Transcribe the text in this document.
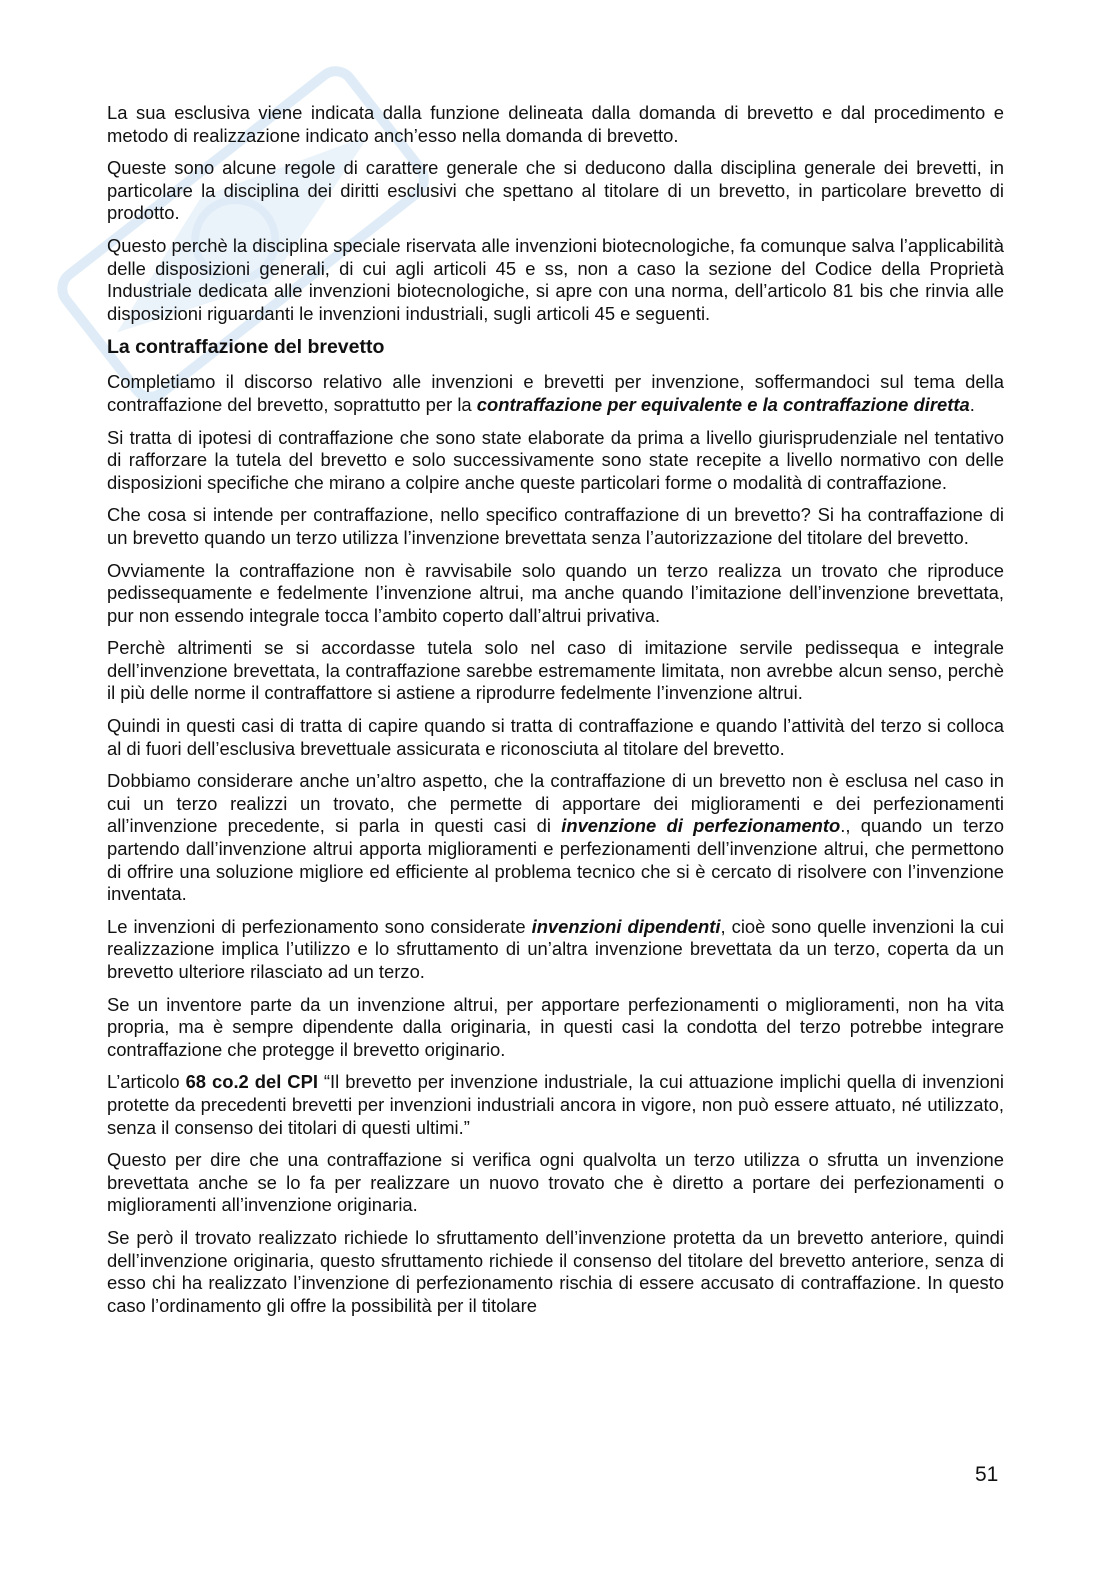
La sua esclusiva viene indicata dalla funzione delineata dalla domanda di brevetto e dal procedimento e metodo di realizzazione indicato anch’esso nella domanda di brevetto.

Queste sono alcune regole di carattere generale che si deducono dalla disciplina generale dei brevetti, in particolare la disciplina dei diritti esclusivi che spettano al titolare di un brevetto, in particolare brevetto di prodotto.

Questo perchè la disciplina speciale riservata alle invenzioni biotecnologiche, fa comunque salva l’applicabilità delle disposizioni generali, di cui agli articoli 45 e ss, non a caso la sezione del Codice della Proprietà Industriale dedicata alle invenzioni biotecnologiche, si apre con una norma, dell’articolo 81 bis che rinvia alle disposizioni riguardanti le invenzioni industriali, sugli articoli 45 e seguenti.

La contraffazione del brevetto

Completiamo il discorso relativo alle invenzioni e brevetti per invenzione, soffermandoci sul tema della contraffazione del brevetto, soprattutto per la contraffazione per equivalente e la contraffazione diretta.

Si tratta di ipotesi di contraffazione che sono state elaborate da prima a livello giurisprudenziale nel tentativo di rafforzare la tutela del brevetto e solo successivamente sono state recepite a livello normativo con delle disposizioni specifiche che mirano a colpire anche queste particolari forme o modalità di contraffazione.

Che cosa si intende per contraffazione, nello specifico contraffazione di un brevetto? Si ha contraffazione di un brevetto quando un terzo utilizza l’invenzione brevettata senza l’autorizzazione del titolare del brevetto.

Ovviamente la contraffazione non è ravvisabile solo quando un terzo realizza un trovato che riproduce pedissequamente e fedelmente l’invenzione altrui, ma anche quando l’imitazione dell’invenzione brevettata, pur non essendo integrale tocca l’ambito coperto dall’altrui privativa.

Perchè altrimenti se si accordasse tutela solo nel caso di imitazione servile pedissequa e integrale dell’invenzione brevettata, la contraffazione sarebbe estremamente limitata, non avrebbe alcun senso, perchè il più delle norme il contraffattore si astiene a riprodurre fedelmente l’invenzione altrui.

Quindi in questi casi di tratta di capire quando si tratta di contraffazione e quando l’attività del terzo si colloca al di fuori dell’esclusiva brevettuale assicurata e riconosciuta al titolare del brevetto.

Dobbiamo considerare anche un’altro aspetto, che la contraffazione di un brevetto non è esclusa nel caso in cui un terzo realizzi un trovato, che permette di apportare dei miglioramenti e dei perfezionamenti all’invenzione precedente, si parla in questi casi di invenzione di perfezionamento., quando un terzo partendo dall’invenzione altrui apporta miglioramenti e perfezionamenti dell’invenzione altrui, che permettono di offrire una soluzione migliore ed efficiente al problema tecnico che si è cercato di risolvere con l’invenzione inventata.

Le invenzioni di perfezionamento sono considerate invenzioni dipendenti, cioè sono quelle invenzioni la cui realizzazione implica l’utilizzo e lo sfruttamento di un’altra invenzione brevettata da un terzo, coperta da un brevetto ulteriore rilasciato ad un terzo.

Se un inventore parte da un invenzione altrui, per apportare perfezionamenti o miglioramenti, non ha vita propria, ma è sempre dipendente dalla originaria, in questi casi la condotta del terzo potrebbe integrare contraffazione che protegge il brevetto originario.

L’articolo 68 co.2 del CPI “Il brevetto per invenzione industriale, la cui attuazione implichi quella di invenzioni protette da precedenti brevetti per invenzioni industriali ancora in vigore, non può essere attuato, né utilizzato, senza il consenso dei titolari di questi ultimi.”

Questo per dire che una contraffazione si verifica ogni qualvolta un terzo utilizza o sfrutta un invenzione brevettata anche se lo fa per realizzare un nuovo trovato che è diretto a portare dei perfezionamenti o miglioramenti all’invenzione originaria.

Se però il trovato realizzato richiede lo sfruttamento dell’invenzione protetta da un brevetto anteriore, quindi dell’invenzione originaria, questo sfruttamento richiede il consenso del titolare del brevetto anteriore, senza di esso chi ha realizzato l’invenzione di perfezionamento rischia di essere accusato di contraffazione. In questo caso l’ordinamento gli offre la possibilità per il titolare

51
